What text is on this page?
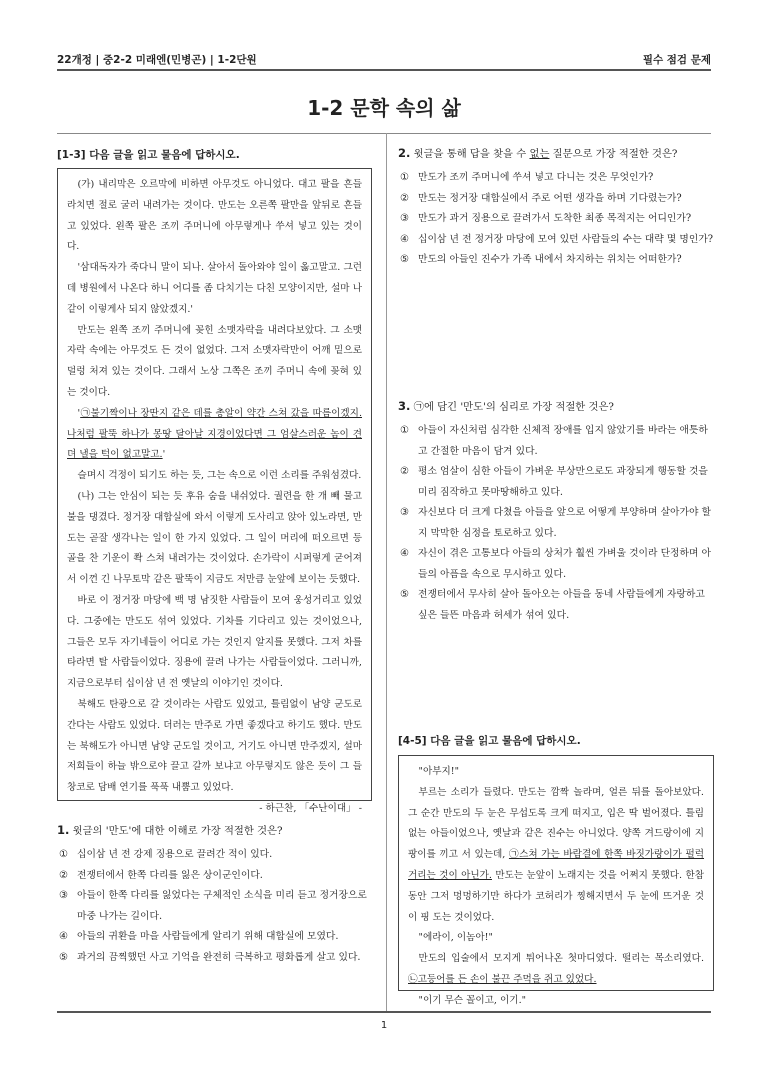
22개정 | 중2-2 미래엔(민병곤) | 1-2단원	필수 점검 문제
1-2 문학 속의 삶
[1-3] 다음 글을 읽고 물음에 답하시오.

(가) 내리막은 오르막에 비하면 아무것도 아니었다. 대고 팔을 흔들라치면 절로 굴러 내려가는 것이다. 만도는 오른쪽 팔만을 앞뒤로 흔들고 있었다. 왼쪽 팔은 조끼 주머니에 아무렇게나 쑤셔 넣고 있는 것이다.

'삼대독자가 죽다니 말이 되나. 살아서 돌아와야 일이 옳고말고. 그런데 병원에서 나온다 하니 어디를 좀 다치기는 다친 모양이지만, 설마 나같이 이렇게사 되지 않았겠지.'

만도는 왼쪽 조끼 주머니에 꽂힌 소맷자락을 내려다보았다. 그 소맷자락 속에는 아무것도 든 것이 없었다. 그저 소맷자락만이 어깨 밑으로 덜렁 처져 있는 것이다. 그래서 노상 그쪽은 조끼 주머니 속에 꽂혀 있는 것이다.

'㉠불기짝이나 장딴지 같은 데를 총알이 약간 스쳐 갔을 따름이겠지. 나처럼 팔뚝 하나가 몽땅 달아날 지경이었다면 그 엄살스러운 놈이 견뎌 낼을 턱이 없고말고.'

슬며시 걱정이 되기도 하는 듯, 그는 속으로 이런 소리를 주워섬겼다.

(나) 그는 안심이 되는 듯 후유 숨을 내쉬었다. 궐련을 한 개 빼 물고 불을 댕겼다. 정거장 대합실에 와서 이렇게 도사리고 앉아 있노라면, 만도는 곧잘 생각나는 일이 한 가지 있었다. 그 일이 머리에 떠오르면 등골을 찬 기운이 쫙 스쳐 내려가는 것이었다. 손가락이 시퍼렇게 굳어져서 이껀 긴 나무토막 같은 팔뚝이 지금도 저만큼 눈앞에 보이는 듯했다.

바로 이 정거장 마당에 백 명 남짓한 사람들이 모여 웅성거리고 있었다. 그중에는 만도도 섞여 있었다. 기차를 기다리고 있는 것이었으나, 그들은 모두 자기네들이 어디로 가는 것인지 알지를 못했다. 그저 차를 타라면 탈 사람들이었다. 징용에 끌려 나가는 사람들이었다. 그러니까, 지금으로부터 십이삼 년 전 옛날의 이야기인 것이다.

북해도 탄광으로 갈 것이라는 사람도 있었고, 틀림없이 남양 군도로 간다는 사람도 있었다. 더러는 만주로 가면 좋겠다고 하기도 했다. 만도는 북해도가 아니면 남양 군도일 것이고, 거기도 아니면 만주겠지, 설마 저희들이 하늘 밖으로야 끌고 갈까 보냐고 아무렇지도 않은 듯이 그 들창코로 담배 연기를 푹푹 내뿜고 있었다.

- 하근찬, 「수난이대」 -

1. 윗글의 '만도'에 대한 이해로 가장 적절한 것은?
① 십이삼 년 전 강제 징용으로 끌려간 적이 있다.
② 전쟁터에서 한쪽 다리를 잃은 상이군인이다.
③ 아들이 한쪽 다리를 잃었다는 구체적인 소식을 미리 듣고 정거장으로 마중 나가는 길이다.
④ 아들의 귀환을 마을 사람들에게 알리기 위해 대합실에 모였다.
⑤ 과거의 끔찍했던 사고 기억을 완전히 극복하고 평화롭게 살고 있다.
2. 윗글을 통해 답을 찾을 수 없는 질문으로 가장 적절한 것은?
① 만도가 조끼 주머니에 쑤셔 넣고 다니는 것은 무엇인가?
② 만도는 정거장 대합실에서 주로 어떤 생각을 하며 기다렸는가?
③ 만도가 과거 징용으로 끌려가서 도착한 최종 목적지는 어디인가?
④ 십이삼 년 전 정거장 마당에 모여 있던 사람들의 수는 대략 몇 명인가?
⑤ 만도의 아들인 진수가 가족 내에서 차지하는 위치는 어떠한가?
3. ㉠에 담긴 '만도'의 심리로 가장 적절한 것은?
① 아들이 자신처럼 심각한 신체적 장애를 입지 않았기를 바라는 애틋하고 간절한 마음이 담겨 있다.
② 평소 엄살이 심한 아들이 가벼운 부상만으로도 과장되게 행동할 것을 미리 짐작하고 못마땅해하고 있다.
③ 자신보다 더 크게 다쳤을 아들을 앞으로 어떻게 부양하며 살아가야 할지 막막한 심정을 토로하고 있다.
④ 자신이 겪은 고통보다 아들의 상처가 훨씬 가벼울 것이라 단정하며 아들의 아픔을 속으로 무시하고 있다.
⑤ 전쟁터에서 무사히 살아 돌아오는 아들을 동네 사람들에게 자랑하고 싶은 들뜬 마음과 허세가 섞여 있다.
[4-5] 다음 글을 읽고 물음에 답하시오.

"아부지!"

부르는 소리가 들렸다. 만도는 깜짝 놀라며, 얼른 뒤를 돌아보았다. 그 순간 만도의 두 눈은 무섭도록 크게 떠지고, 입은 딱 벌어졌다. 틀림없는 아들이었으나, 옛날과 같은 진수는 아니었다. 양쪽 겨드랑이에 지팡이를 끼고 서 있는데, ㉠스쳐 가는 바람결에 한쪽 바짓가랑이가 펄럭거리는 것이 아닌가. 만도는 눈앞이 노래지는 것을 어쩌지 못했다. 한참 동안 그저 멍멍하기만 하다가 코허리가 찡해지면서 두 눈에 뜨거운 것이 핑 도는 것이었다.

"에라이, 이놈아!"

만도의 입술에서 모지게 튀어나온 첫마디였다. 떨리는 목소리였다. ㉡고등어를 든 손이 불끈 주먹을 쥐고 있었다.

"이기 무슨 꼴이고, 이기."

1
